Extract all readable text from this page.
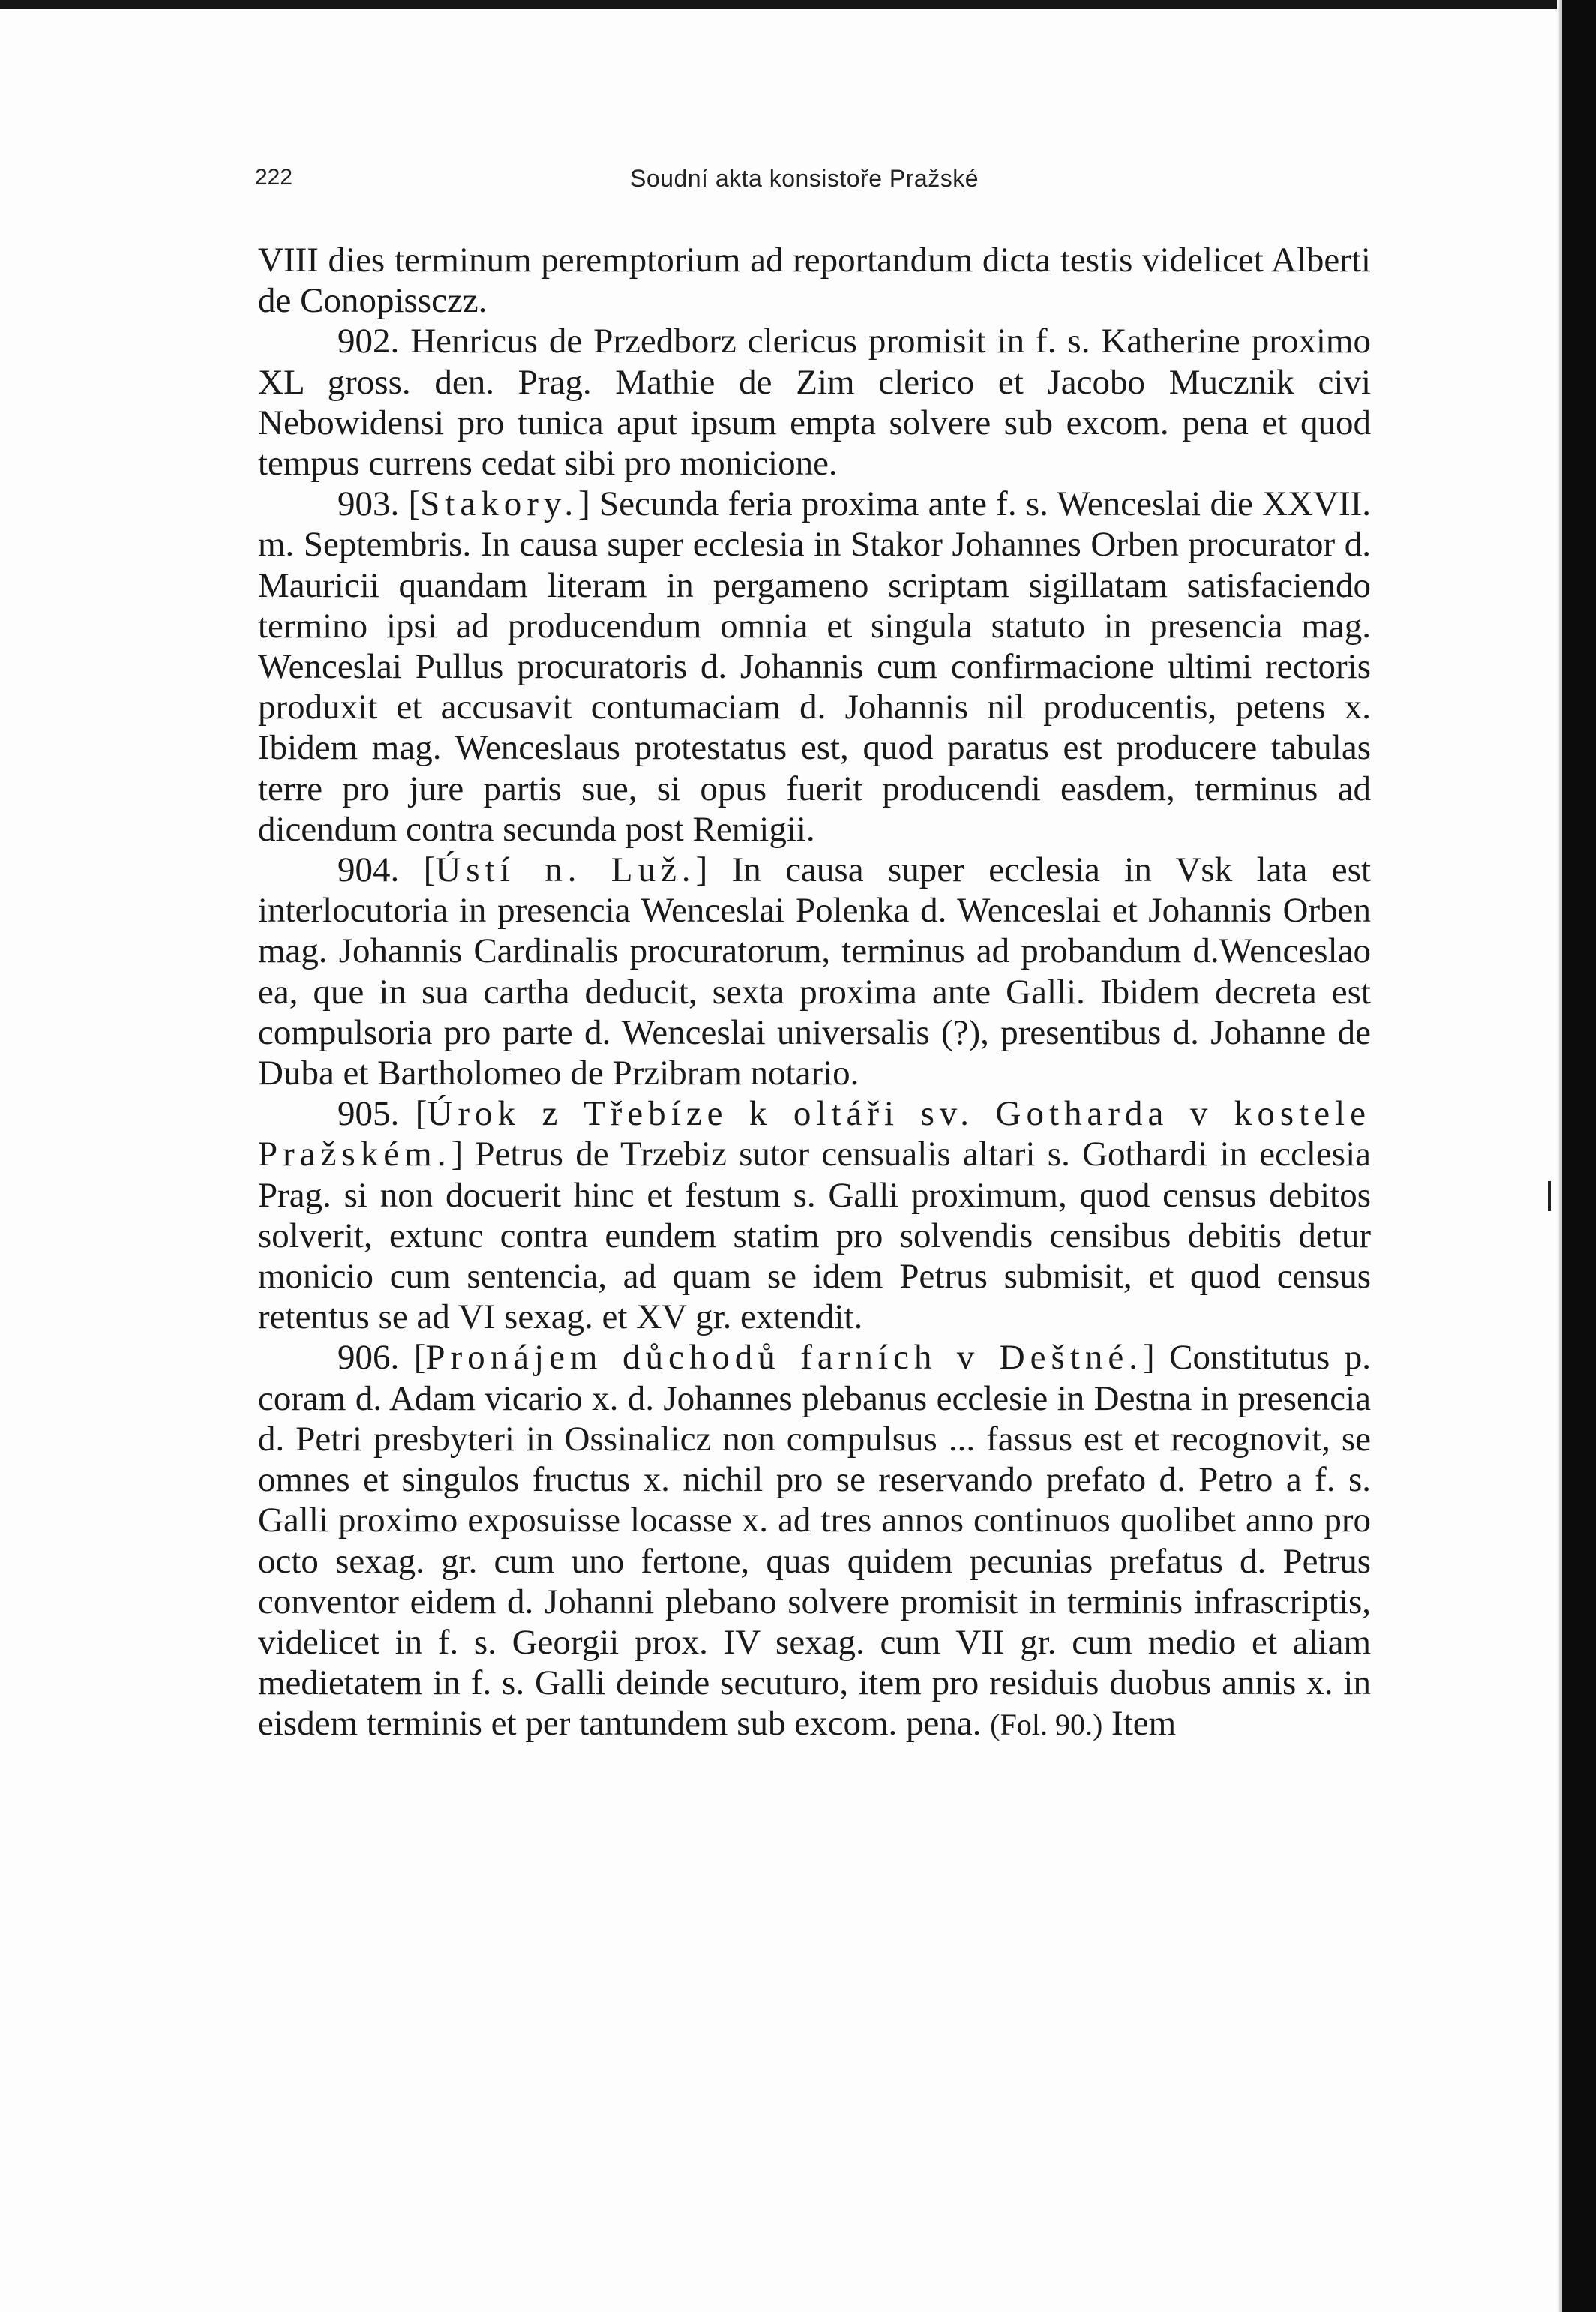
222	Soudní akta konsistoře Pražské

VIII dies terminum peremptorium ad reportandum dicta testis videlicet Alberti de Conopissczz.

902. Henricus de Przedborz clericus promisit in f. s. Katherine proximo XL gross. den. Prag. Mathie de Zim clerico et Jacobo Mucznik civi Nebowidensi pro tunica aput ipsum empta solvere sub excom. pena et quod tempus currens cedat sibi pro monicione.

903. [Stakory.] Secunda feria proxima ante f. s. Wenceslai die XXVII. m. Septembris. In causa super ecclesia in Stakor Johannes Orben procurator d. Mauricii quandam literam in pergameno scriptam sigillatam satisfaciendo termino ipsi ad producendum omnia et singula statuto in presencia mag. Wenceslai Pullus procuratoris d. Johannis cum confirmacione ultimi rectoris produxit et accusavit contumaciam d. Johannis nil producentis, petens x. Ibidem mag. Wenceslaus protestatus est, quod paratus est producere tabulas terre pro jure partis sue, si opus fuerit producendi easdem, terminus ad dicendum contra secunda post Remigii.

904. [Ústí n. Luž.] In causa super ecclesia in Vsk lata est interlocutoria in presencia Wenceslai Polenka d. Wenceslai et Johannis Orben mag. Johannis Cardinalis procuratorum, terminus ad probandum d.Wenceslao ea, que in sua cartha deducit, sexta proxima ante Galli. Ibidem decreta est compulsoria pro parte d. Wenceslai universalis (?), presentibus d. Johanne de Duba et Bartholomeo de Przibram notario.

905. [Úrok z Třebíze k oltáři sv. Gotharda v kostele Pražském.] Petrus de Trzebiz sutor censualis altari s. Gothardi in ecclesia Prag. si non docuerit hinc et festum s. Galli proximum, quod census debitos solverit, extunc contra eundem statim pro solvendis censibus debitis detur monicio cum sentencia, ad quam se idem Petrus submisit, et quod census retentus se ad VI sexag. et XV gr. extendit.

906. [Pronájem důchodů farních v Deštné.] Constitutus p. coram d. Adam vicario x. d. Johannes plebanus ecclesie in Destna in presencia d. Petri presbyteri in Ossinalicz non compulsus ... fassus est et recognovit, se omnes et singulos fructus x. nichil pro se reservando prefato d. Petro a f. s. Galli proximo exposuisse locasse x. ad tres annos continuos quolibet anno pro octo sexag. gr. cum uno fertone, quas quidem pecunias prefatus d. Petrus conventor eidem d. Johanni plebano solvere promisit in terminis infrascriptis, videlicet in f. s. Georgii prox. IV sexag. cum VII gr. cum medio et aliam medietatem in f. s. Galli deinde secuturo, item pro residuis duobus annis x. in eisdem terminis et per tantundem sub excom. pena. (Fol. 90.) Item
